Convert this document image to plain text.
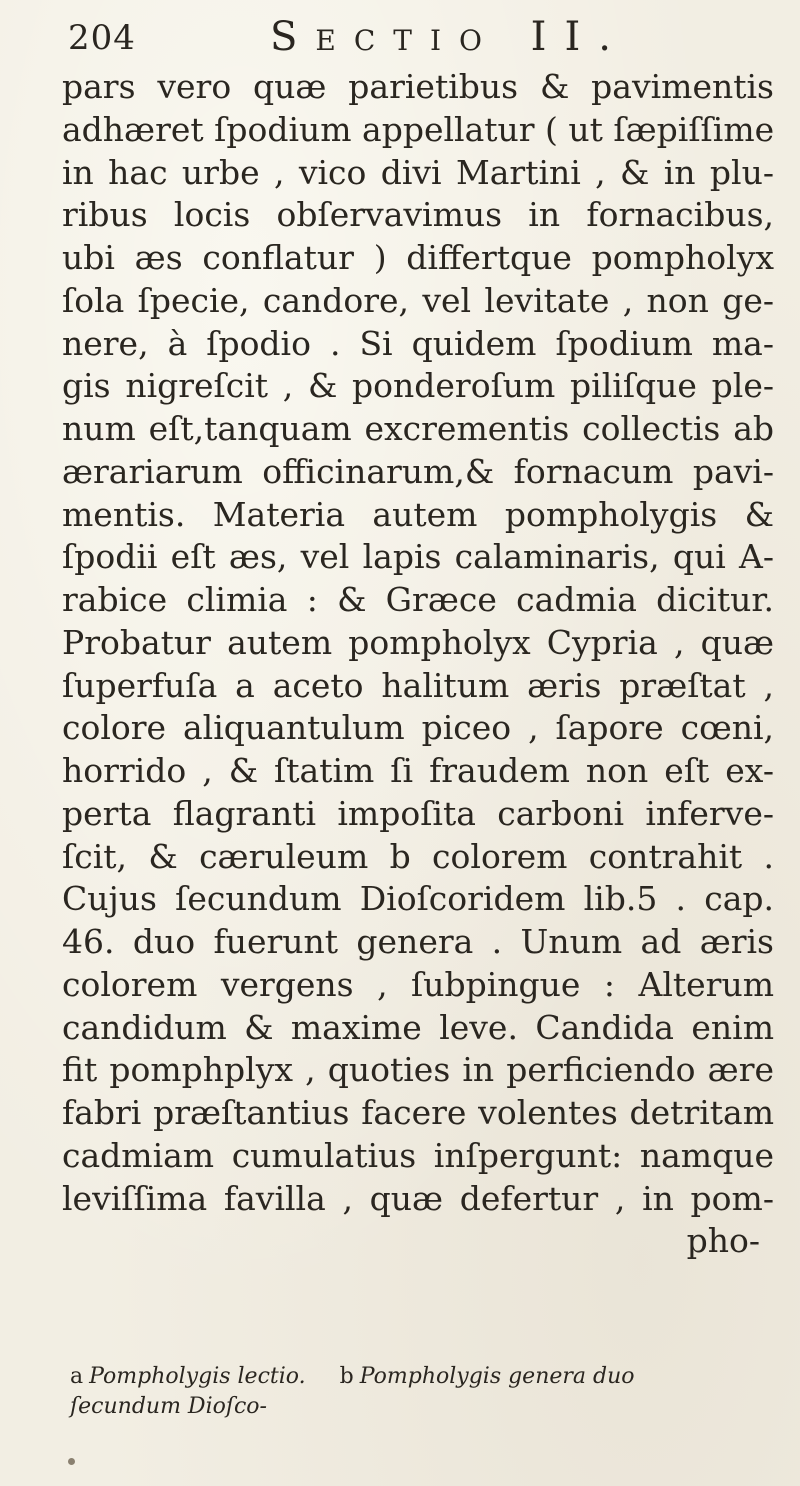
204	Sectio II.
pars vero quæ parietibus & pavimentis
adhæret ſpodium appellatur ( ut ſæpiſſime
in hac urbe , vico divi Martini , & in plu-
ribus locis obſervavimus in fornacibus,
ubi æs conflatur ) differtque pompholyx
ſola ſpecie, candore, vel levitate , non ge-
nere, à ſpodio . Si quidem ſpodium ma-
gis nigreſcit , & ponderoſum piliſque ple-
num eſt,tanquam excrementis collectis ab
ærariarum officinarum,& fornacum pavi-
mentis. Materia autem pompholygis &
ſpodii eſt æs, vel lapis calaminaris, qui A-
rabice climia : & Græce cadmia dicitur.
Probatur autem pompholyx Cypria , quæ
ſuperfuſa a aceto halitum æris præſtat ,
colore aliquantulum piceo , ſapore cœni,
horrido , & ſtatim ſi fraudem non eſt ex-
perta flagranti impoſita carboni inferve-
ſcit, & cæruleum b colorem contrahit .
Cujus ſecundum Dioſcoridem lib.5 . cap.
46. duo fuerunt genera . Unum ad æris
colorem vergens , ſubpingue : Alterum
candidum & maxime leve. Candida enim
fit pomphplyx , quoties in perficiendo ære
fabri præſtantius facere volentes detritam
cadmiam cumulatius inſpergunt: namque
leviſſima favilla , quæ defertur , in pom-
pho-
a Pompholygis lectio. b Pompholygis genera duo
ſecundum Dioſco-
